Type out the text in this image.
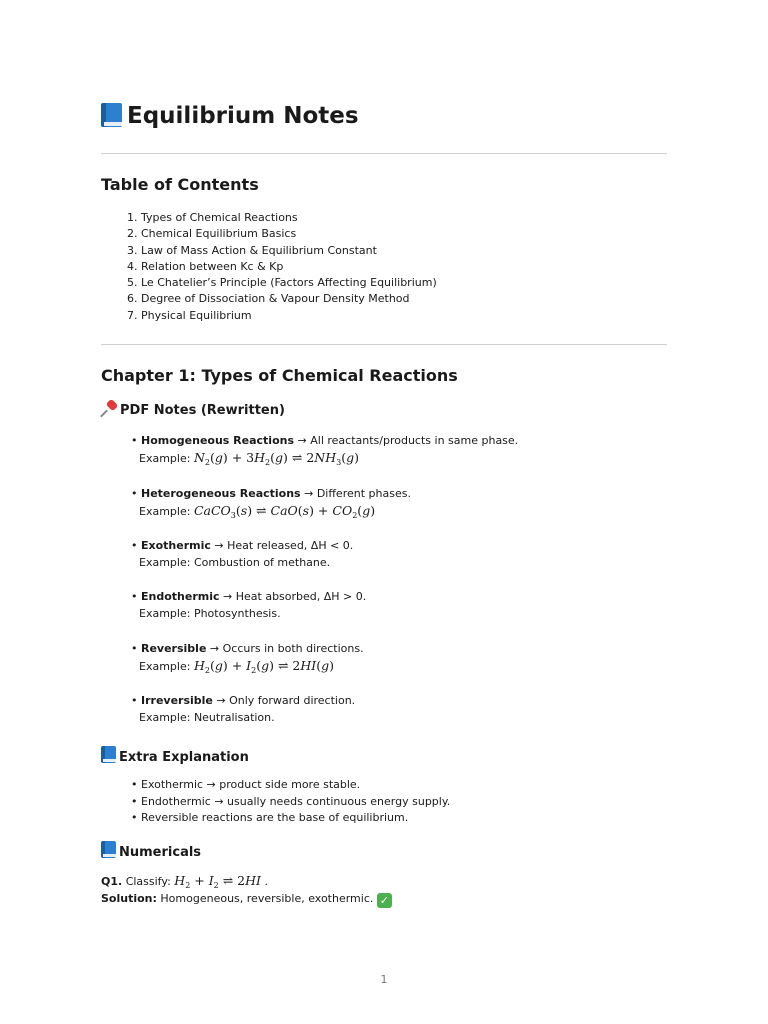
Equilibrium Notes
Table of Contents
1. Types of Chemical Reactions
2. Chemical Equilibrium Basics
3. Law of Mass Action & Equilibrium Constant
4. Relation between Kc & Kp
5. Le Chatelier’s Principle (Factors Affecting Equilibrium)
6. Degree of Dissociation & Vapour Density Method
7. Physical Equilibrium
Chapter 1: Types of Chemical Reactions
PDF Notes (Rewritten)
• Homogeneous Reactions → All reactants/products in same phase.
Example: $N_2(g) + 3H_2(g)$ ⇌ $2NH_3(g)$
• Heterogeneous Reactions → Different phases.
Example: CaCO$_3$(s) ⇌ $CaO(s) + CO_2(g)$
• Exothermic → Heat released, ΔH < 0.
Example: Combustion of methane.
• Endothermic → Heat absorbed, ΔH > 0.
Example: Photosynthesis.
• Reversible → Occurs in both directions.
Example: $H_2(g) + I_2(g)$ ⇌ 2HI(g)
• Irreversible → Only forward direction.
Example: Neutralisation.
Extra Explanation
• Exothermic → product side more stable.
• Endothermic → usually needs continuous energy supply.
• Reversible reactions are the base of equilibrium.
Numericals
Q1. Classify: $H_2 + I_2$ ⇌ 2HI .
Solution: Homogeneous, reversible, exothermic. ✓
1
